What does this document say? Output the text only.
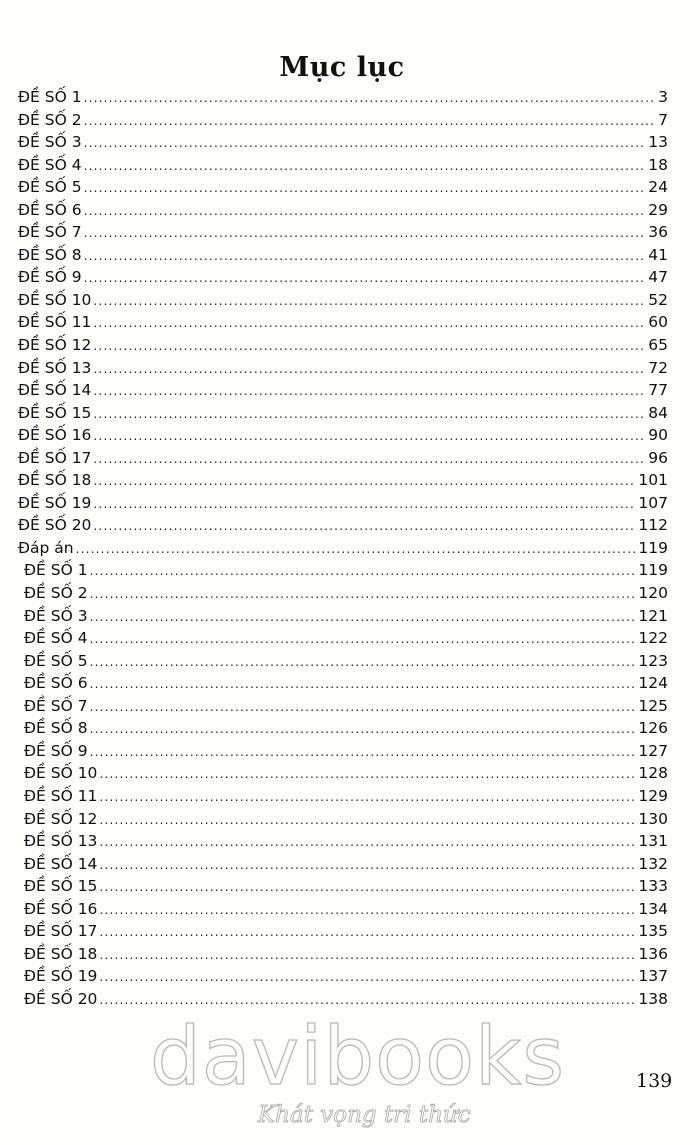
Mục lục
ĐỀ SỐ 1 .....	3
ĐỀ SỐ 2 .....	7
ĐỀ SỐ 3 .....	13
ĐỀ SỐ 4 .....	18
ĐỀ SỐ 5 .....	24
ĐỀ SỐ 6 .....	29
ĐỀ SỐ 7 .....	36
ĐỀ SỐ 8 .....	41
ĐỀ SỐ 9 .....	47
ĐỀ SỐ 10 .....	52
ĐỀ SỐ 11 .....	60
ĐỀ SỐ 12 .....	65
ĐỀ SỐ 13 .....	72
ĐỀ SỐ 14 .....	77
ĐỀ SỐ 15 .....	84
ĐỀ SỐ 16 .....	90
ĐỀ SỐ 17 .....	96
ĐỀ SỐ 18 .....	101
ĐỀ SỐ 19 .....	107
ĐỀ SỐ 20 .....	112
Đáp án .....	119
ĐỀ SỐ 1 .....	119
ĐỀ SỐ 2 .....	120
ĐỀ SỐ 3 .....	121
ĐỀ SỐ 4 .....	122
ĐỀ SỐ 5 .....	123
ĐỀ SỐ 6 .....	124
ĐỀ SỐ 7 .....	125
ĐỀ SỐ 8 .....	126
ĐỀ SỐ 9 .....	127
ĐỀ SỐ 10 .....	128
ĐỀ SỐ 11 .....	129
ĐỀ SỐ 12 .....	130
ĐỀ SỐ 13 .....	131
ĐỀ SỐ 14 .....	132
ĐỀ SỐ 15 .....	133
ĐỀ SỐ 16 .....	134
ĐỀ SỐ 17 .....	135
ĐỀ SỐ 18 .....	136
ĐỀ SỐ 19 .....	137
ĐỀ SỐ 20 .....	138
davibooks
Khát vọng tri thức
139
